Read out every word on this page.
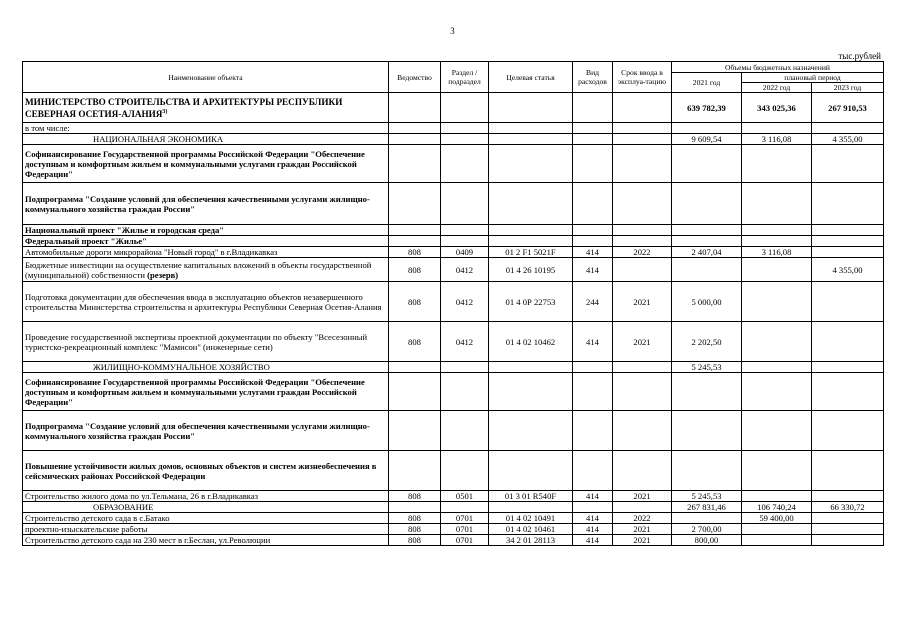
3
тыс.рублей
Наименование объекта	Ведомство	Раздел / подраздел	Целевая статья	Вид расходов	Срок ввода в эксплуа-тацию	Объемы бюджетных назначений		
						2021 год	плановый период	
							2022 год	2023 год
МИНИСТЕРСТВО СТРОИТЕЛЬСТВА И АРХИТЕКТУРЫ РЕСПУБЛИКИ СЕВЕРНАЯ ОСЕТИЯ-АЛАНИЯ$^{3)}$						639 782,39	343 025,36	267 910,53
в том числе:								
НАЦИОНАЛЬНАЯ ЭКОНОМИКА						9 609,54	3 116,08	4 355,00
Софинансирование Государственной программы Российской Федерации "Обеспечение доступным и комфортным жильем и коммунальными услугами граждан Российской Федерации"								
Подпрограмма "Создание условий для обеспечения качественными услугами жилищно-коммунального хозяйства граждан России"								
Национальный проект "Жилье и городская среда"								
Федеральный проект "Жилье"								
Автомобильные дороги микрорайона "Новый город" в г.Владикавказ	808	0409	01 2 F1 5021F	414	2022	2 407,04	3 116,08	
Бюджетные инвестиции на осуществление капитальных вложений в объекты государственной (муниципальной) собственности (резерв)	808	0412	01 4 26 10195	414				4 355,00
Подготовка документации для обеспечения ввода в эксплуатацию объектов незавершенного строительства Министерства строительства и архитектуры Республики Северная Осетия-Алания	808	0412	01 4 0Р 22753	244	2021	5 000,00		
Проведение государственной экспертизы проектной документации по объекту "Всесезонный туристско-рекреационный комплекс "Мамисон" (инженерные сети)	808	0412	01 4 02 10462	414	2021	2 202,50		
ЖИЛИЩНО-КОММУНАЛЬНОЕ ХОЗЯЙСТВО						5 245,53		
Софинансирование Государственной программы Российской Федерации "Обеспечение доступным и комфортным жильем и коммунальными услугами граждан Российской Федерации"								
Подпрограмма "Создание условий для обеспечения качественными услугами жилищно-коммунального хозяйства граждан России"								
Повышение устойчивости жилых домов, основных объектов и систем жизнеобеспечения в сейсмических районах Российской Федерации								
Строительство жилого дома по ул.Тельмана, 26 в г.Владикавказ	808	0501	01 3 01 R540F	414	2021	5 245,53		
ОБРАЗОВАНИЕ						267 831,46	106 740,24	66 330,72
Строительство детского сада в с.Батако	808	0701	01 4 02 10491	414	2022		59 400,00	
проектно-изыскательские работы	808	0701	01 4 02 10461	414	2021	2 700,00		
Строительство детского сада на 230 мест в г.Беслан, ул.Революции	808	0701	34 2 01 28113	414	2021	800,00		
